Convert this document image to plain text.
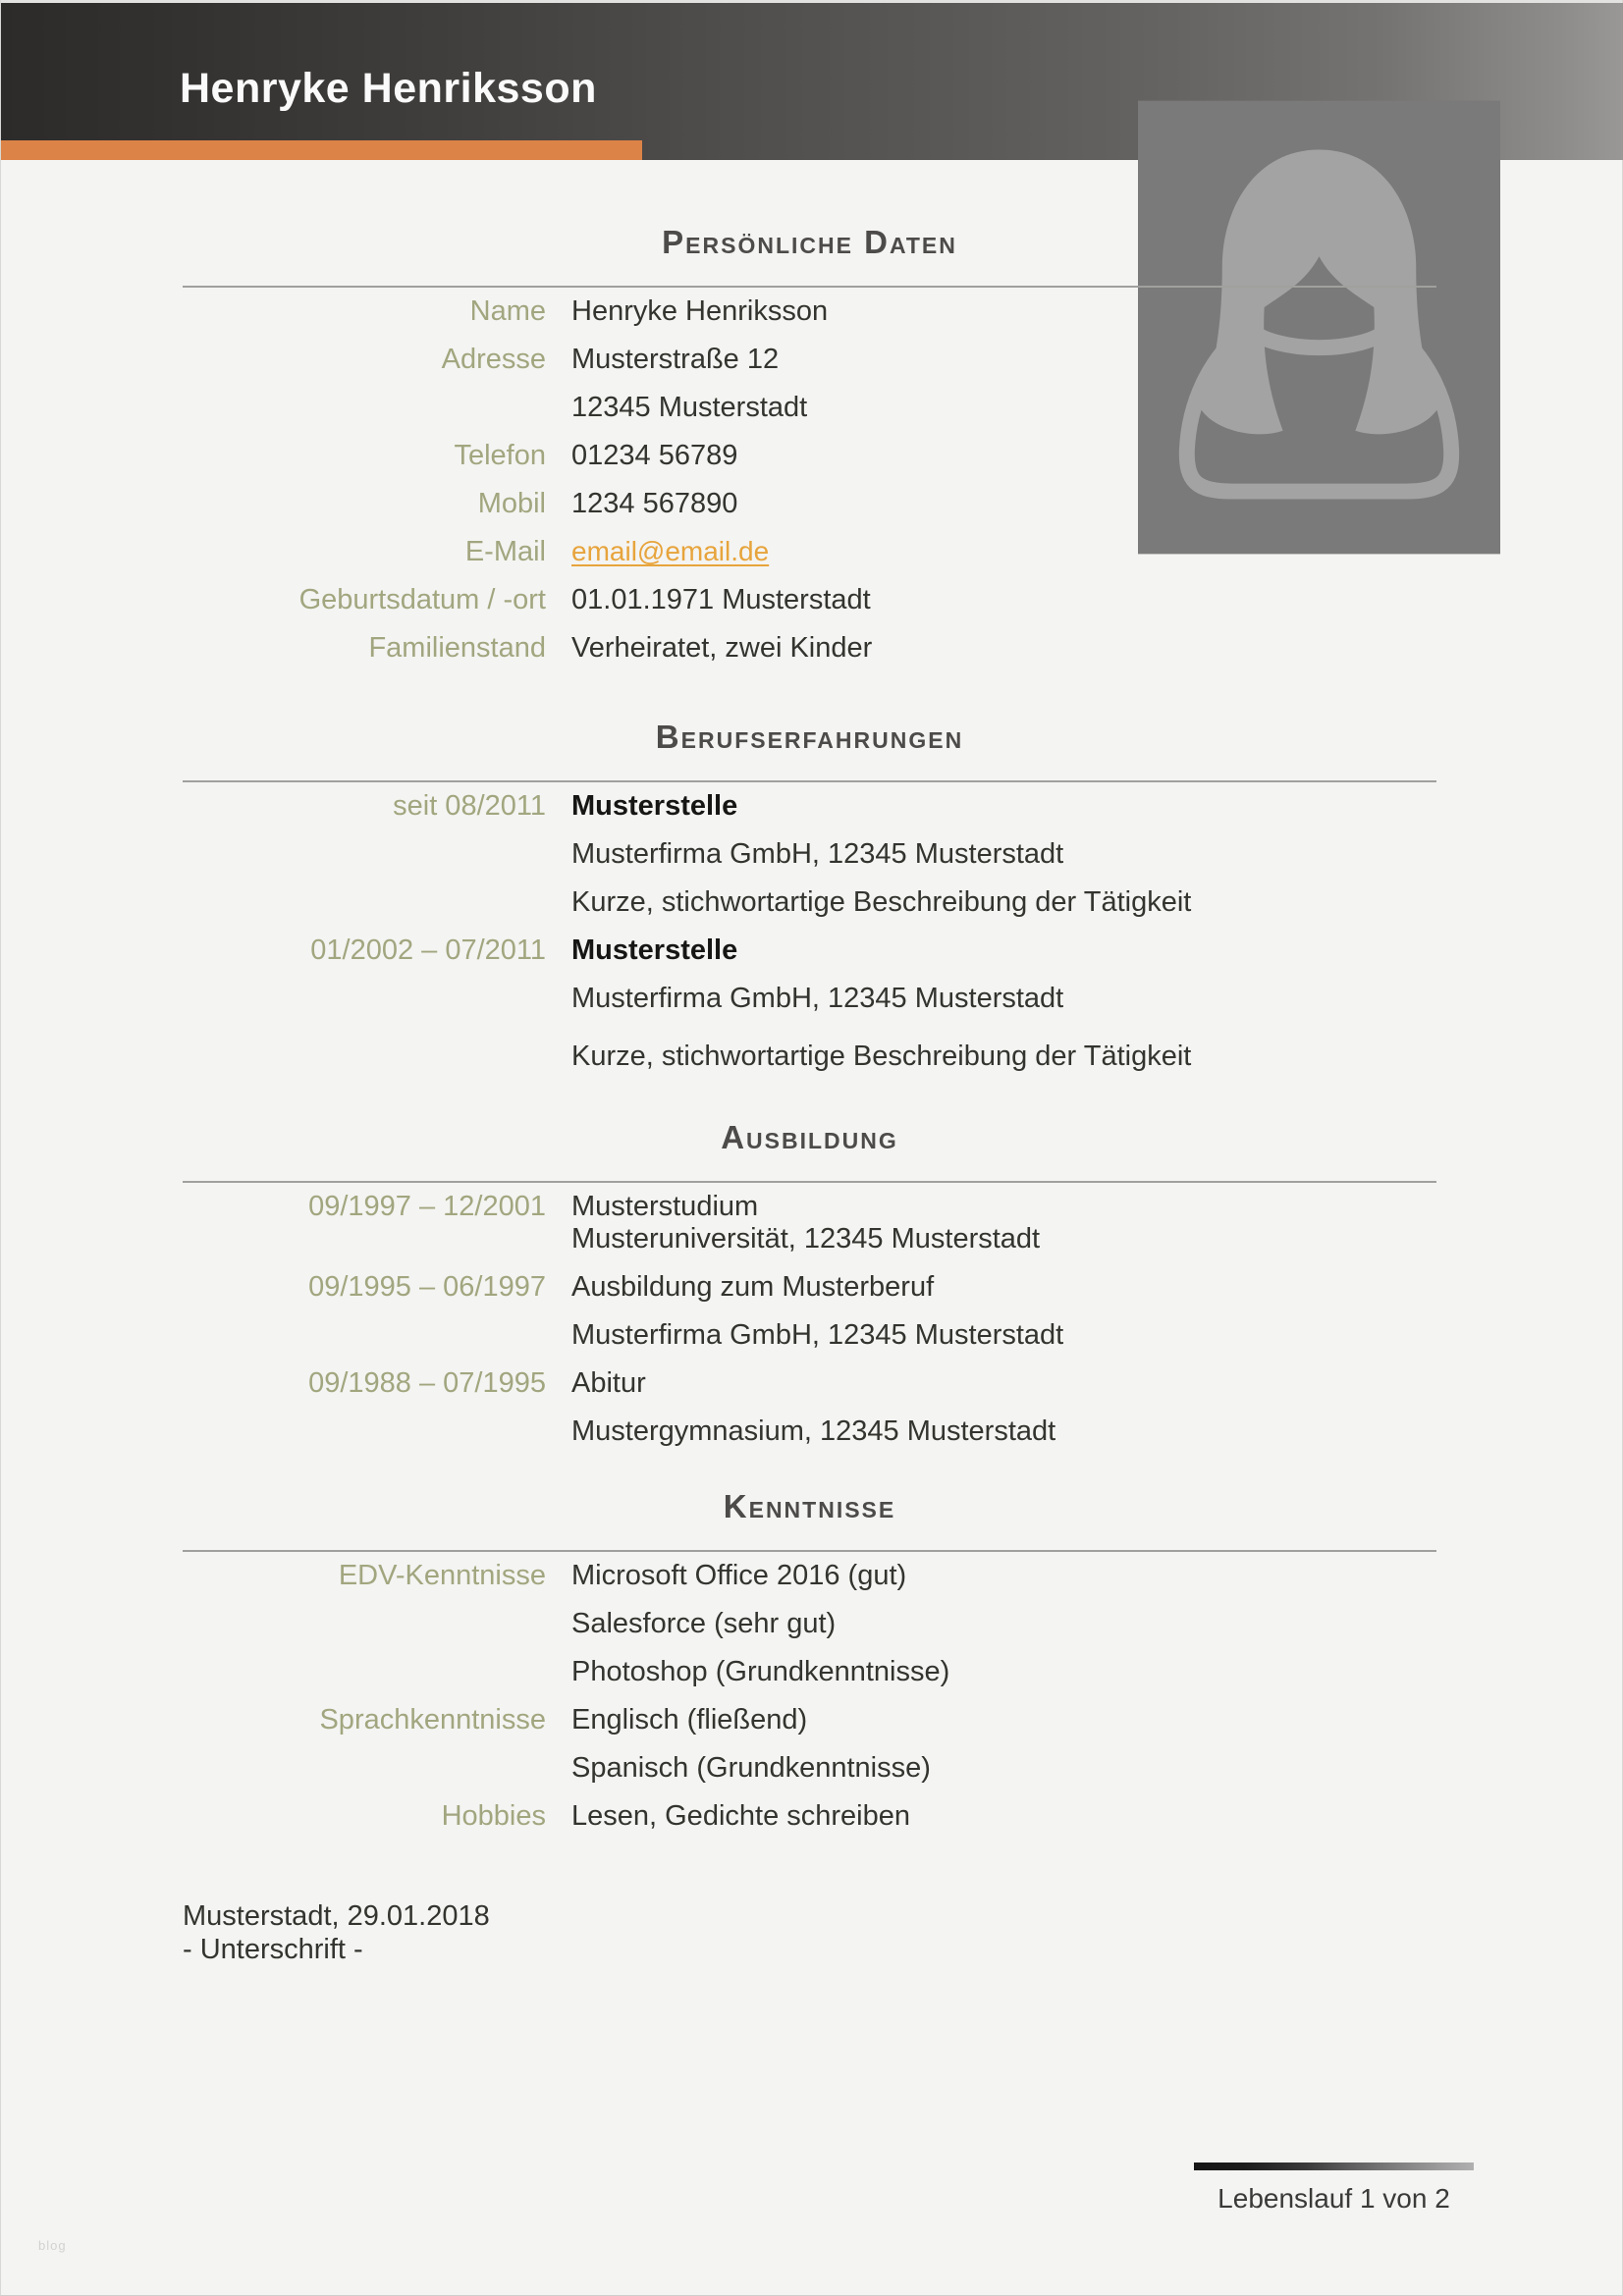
Henryke Henriksson
Persönliche Daten
Name Henryke Henriksson
Adresse Musterstraße 12
12345 Musterstadt
Telefon 01234 56789
Mobil 1234 567890
E-Mail email@email.de
Geburtsdatum / -ort 01.01.1971 Musterstadt
Familienstand Verheiratet, zwei Kinder
Berufserfahrungen
seit 08/2011 Musterstelle
Musterfirma GmbH, 12345 Musterstadt
Kurze, stichwortartige Beschreibung der Tätigkeit
01/2002 – 07/2011 Musterstelle
Musterfirma GmbH, 12345 Musterstadt
Kurze, stichwortartige Beschreibung der Tätigkeit
Ausbildung
09/1997 – 12/2001 Musterstudium
Musteruniversität, 12345 Musterstadt
09/1995 – 06/1997 Ausbildung zum Musterberuf
Musterfirma GmbH, 12345 Musterstadt
09/1988 – 07/1995 Abitur
Mustergymnasium, 12345 Musterstadt
Kenntnisse
EDV-Kenntnisse Microsoft Office 2016 (gut)
Salesforce (sehr gut)
Photoshop (Grundkenntnisse)
Sprachkenntnisse Englisch (fließend)
Spanisch (Grundkenntnisse)
Hobbies Lesen, Gedichte schreiben
Musterstadt, 29.01.2018
- Unterschrift -
Lebenslauf 1 von 2
blog
